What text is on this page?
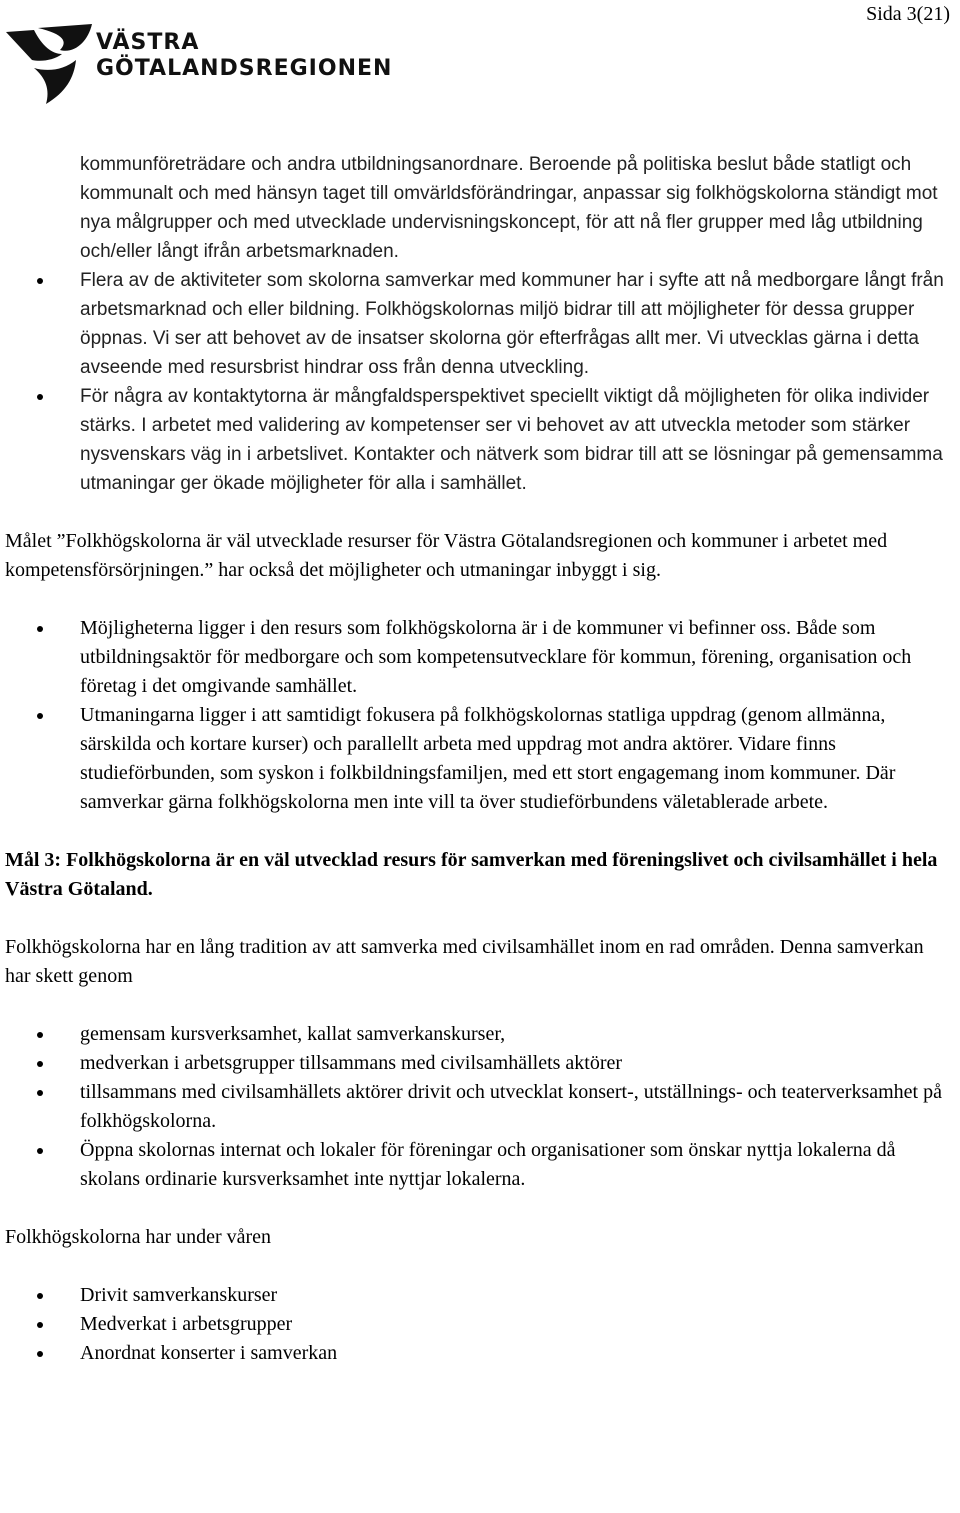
Sida 3(21)
VÄSTRA
GÖTALANDSREGIONEN
kommunföreträdare och andra utbildningsanordnare. Beroende på politiska beslut både statligt och kommunalt och med hänsyn taget till omvärldsförändringar, anpassar sig folkhögskolorna ständigt mot nya målgrupper och med utvecklade undervisningskoncept, för att nå fler grupper med låg utbildning och/eller långt ifrån arbetsmarknaden.
Flera av de aktiviteter som skolorna samverkar med kommuner har i syfte att nå medborgare långt från arbetsmarknad och eller bildning. Folkhögskolornas miljö bidrar till att möjligheter för dessa grupper öppnas. Vi ser att behovet av de insatser skolorna gör efterfrågas allt mer. Vi utvecklas gärna i detta avseende med resursbrist hindrar oss från denna utveckling.
För några av kontaktytorna är mångfaldsperspektivet speciellt viktigt då möjligheten för olika individer stärks. I arbetet med validering av kompetenser ser vi behovet av att utveckla metoder som stärker nysvenskars väg in i arbetslivet. Kontakter och nätverk som bidrar till att se lösningar på gemensamma utmaningar ger ökade möjligheter för alla i samhället.

Målet ”Folkhögskolorna är väl utvecklade resurser för Västra Götalandsregionen och kommuner i arbetet med kompetensförsörjningen.” har också det möjligheter och utmaningar inbyggt i sig.

Möjligheterna ligger i den resurs som folkhögskolorna är i de kommuner vi befinner oss. Både som utbildningsaktör för medborgare och som kompetensutvecklare för kommun, förening, organisation och företag i det omgivande samhället.
Utmaningarna ligger i att samtidigt fokusera på folkhögskolornas statliga uppdrag (genom allmänna, särskilda och kortare kurser) och parallellt arbeta med uppdrag mot andra aktörer. Vidare finns studieförbunden, som syskon i folkbildningsfamiljen, med ett stort engagemang inom kommuner. Där samverkar gärna folkhögskolorna men inte vill ta över studieförbundens väletablerade arbete.

Mål 3: Folkhögskolorna är en väl utvecklad resurs för samverkan med föreningslivet och civilsamhället i hela Västra Götaland.

Folkhögskolorna har en lång tradition av att samverka med civilsamhället inom en rad områden. Denna samverkan har skett genom

gemensam kursverksamhet, kallat samverkanskurser,
medverkan i arbetsgrupper tillsammans med civilsamhällets aktörer
tillsammans med civilsamhällets aktörer drivit och utvecklat konsert-, utställnings- och teaterverksamhet på folkhögskolorna.
Öppna skolornas internat och lokaler för föreningar och organisationer som önskar nyttja lokalerna då skolans ordinarie kursverksamhet inte nyttjar lokalerna.

Folkhögskolorna har under våren

Drivit samverkanskurser
Medverkat i arbetsgrupper
Anordnat konserter i samverkan
